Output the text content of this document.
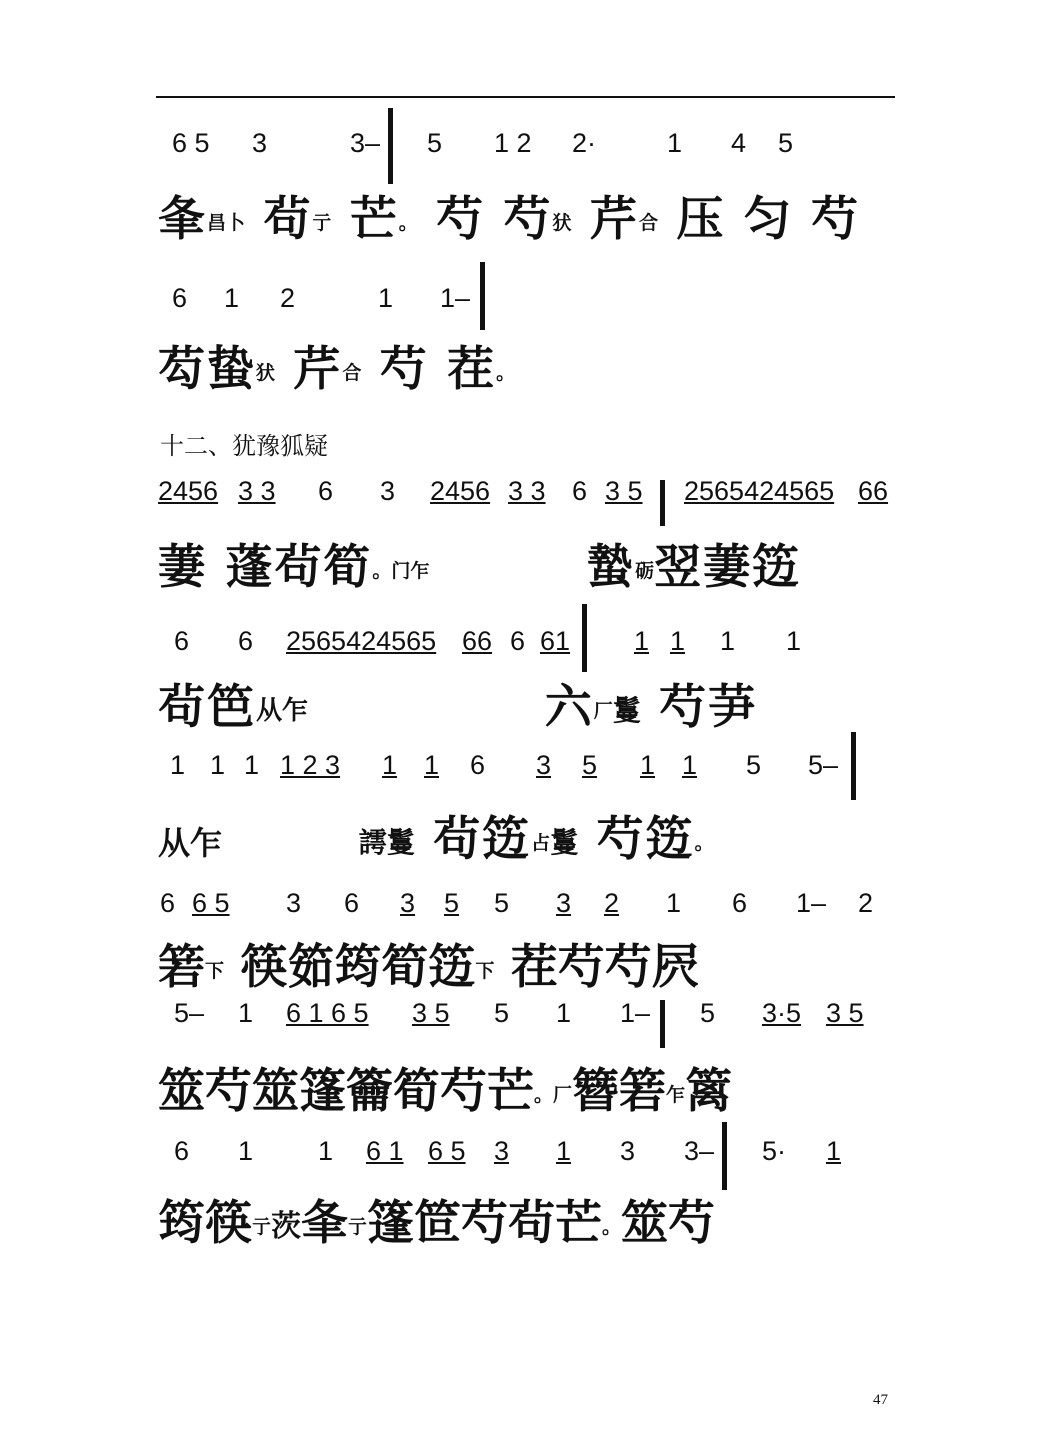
6 5 3	3– 5 1 2 2·	1 4 5
夆昌卜 茍亍 芒。 芍 芍犾 芹合 压 匀 芍
6 1 2	1 1–
芶蛰犾 芹合 芍 茬。
十二、犹豫狐疑
2456 3 3 6 3 2456 3 3 6 3 5 2565424565 66
萋 蓬茍筍。门乍	蟄砺翌萋笾
6 6 2565424565 66 6 61 1 1 1 1
茍笆从乍	六厂鬘 芍芛
1 1 1 1 2 3 1 1 6 3 5 1 1 5 5–
从乍	謣鬘 茍笾占鬘 芍笾。
6 6 5 3 6 3 5 5 3 2 1 6 1– 2
箬下 筷筎筠筍笾下 茬芍芍屄
5– 1 6 1 6 5 3 5 5 1 1– 5 3·5 3 5
筮芍筮篷籥筍芍芒。厂簪箬乍篱
6 1 1 6 1 6 5 3 1 3 3– 5· 1
筠筷亍茨夆亍篷笸芍茍芒。筮芍
47
